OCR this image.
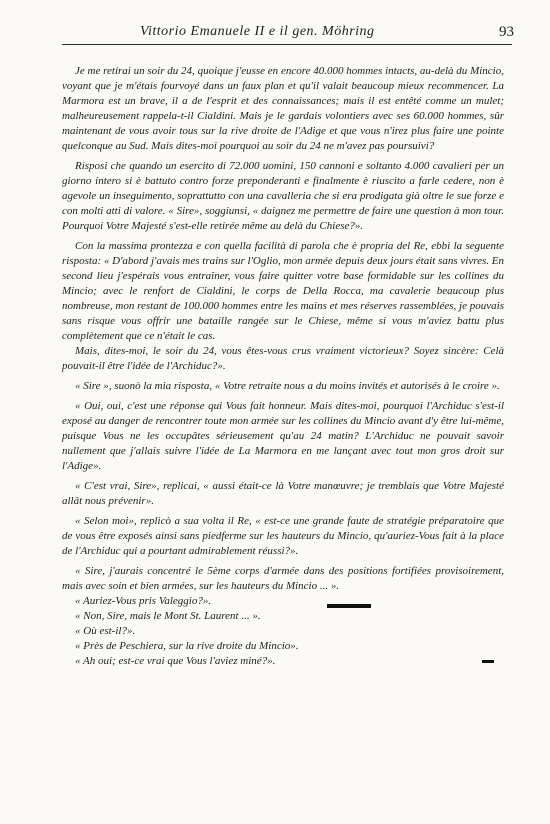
Vittorio Emanuele II e il gen. Möhring	93

Je me retirai un soir du 24, quoique j'eusse en encore 40.000 hommes intacts, au-delà du Mincio, voyant que je m'étais fourvoyé dans un faux plan et qu'il valait beaucoup mieux recommencer. La Marmora est un brave, il a de l'esprit et des connaissances; mais il est entêté comme un mulet; malheureusement rappela-t-il Cialdini. Mais je le gardais volontiers avec ses 60.000 hommes, sûr maintenant de vous avoir tous sur la rive droite de l'Adige et que vous n'irez plus faire une pointe quelconque au Sud. Mais dites-moi pourquoi au soir du 24 ne m'avez pas poursuivi?

Risposi che quando un esercito di 72.000 uomini, 150 cannoni e soltanto 4.000 cavalieri per un giorno intero si è battuto contro forze preponderanti e finalmente è riuscito a farle cedere, non è agevole un inseguimento, soprattutto con una cavalleria che si era prodigata già oltre le sue forze e con molti atti di valore. « Sire», soggiunsi, « daignez me permettre de faire une question à mon tour. Pourquoi Votre Majesté s'est-elle retirée même au delà du Chiese?».

Con la massima prontezza e con quella facilità di parola che è propria del Re, ebbi la seguente risposta: « D'abord j'avais mes trains sur l'Oglio, mon armée depuis deux jours était sans vivres. En second lieu j'espérais vous entraîner, vous faire quitter votre base formidable sur les collines du Mincio; avec le renfort de Cialdini, le corps de Della Rocca, ma cavalerie beaucoup plus nombreuse, mon restant de 100.000 hommes entre les mains et mes réserves rassemblées, je pouvais sans risque vous offrir une bataille rangée sur le Chiese, même si vous m'aviez battu plus complètement que ce n'était le cas.

Mais, dites-moi, le soir du 24, vous êtes-vous crus vraiment victorieux? Soyez sincère: Celà pouvait-il être l'idée de l'Archiduc?».

« Sire », suonò la mia risposta, « Votre retraite nous a du moins invités et autorisés à le croire ».

« Oui, oui, c'est une réponse qui Vous fait honneur. Mais dites-moi, pourquoi l'Archiduc s'est-il exposé au danger de rencontrer toute mon armée sur les collines du Mincio avant d'y être lui-même, puisque Vous ne les occupâtes sérieusement qu'au 24 matin? L'Archiduc ne pouvait savoir nullement que j'allais suivre l'idée de La Marmora en me lançant avec tout mon gros droit sur l'Adige».

« C'est vrai, Sire», replicai, « aussi était-ce là Votre manœuvre; je tremblais que Votre Majesté allât nous prévenir».

« Selon moi», replicò a sua volta il Re, « est-ce une grande faute de stratégie préparatoire que de vous être exposés ainsi sans piedferme sur les hauteurs du Mincio, qu'auriez-Vous fait à la place de l'Archiduc qui a pourtant admirablement réussi?».

« Sire, j'aurais concentré le 5ème corps d'armée dans des positions fortifiées provisoirement, mais avec soin et bien armées, sur les hauteurs du Mincio ... ».

« Auriez-Vous pris Valeggio?».

« Non, Sire, mais le Mont St. Laurent ... ».

« Où est-il?».

« Près de Peschiera, sur la rive droite du Mincio».

« Ah oui; est-ce vrai que Vous l'aviez miné?».
